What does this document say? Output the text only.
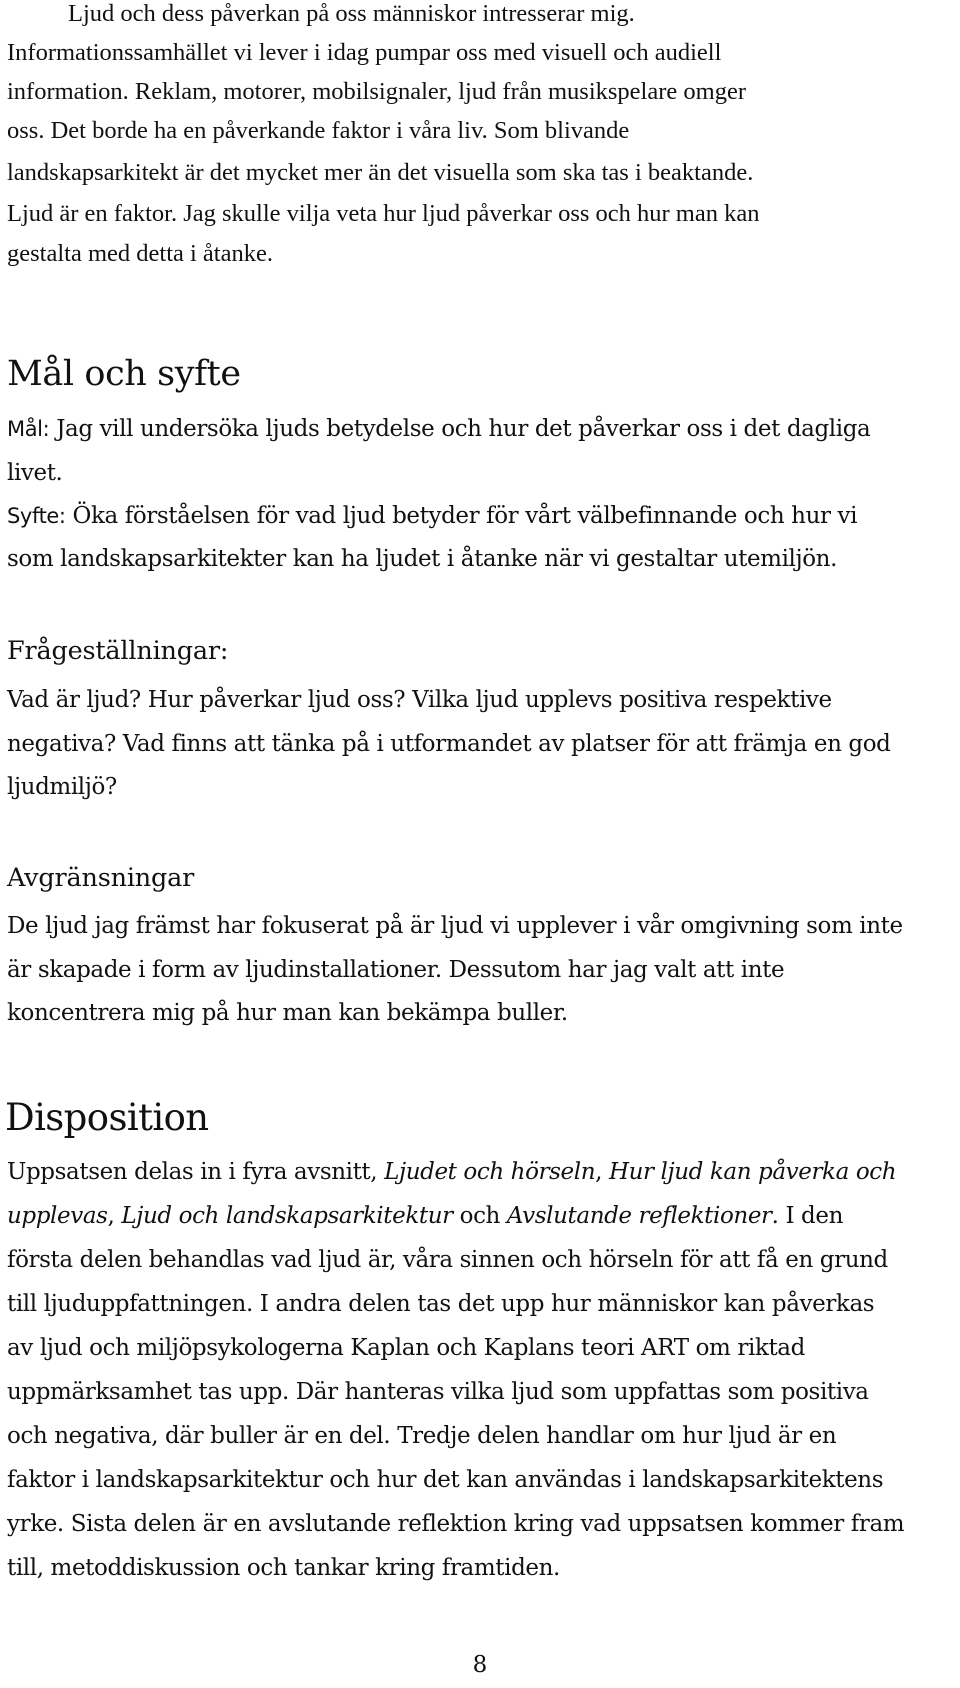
Ljud och dess påverkan på oss människor intresserar mig.
Informationssamhället vi lever i idag pumpar oss med visuell och audiell
information. Reklam, motorer, mobilsignaler, ljud från musikspelare omger
oss. Det borde ha en påverkande faktor i våra liv. Som blivande
landskapsarkitekt är det mycket mer än det visuella som ska tas i beaktande.
Ljud är en faktor. Jag skulle vilja veta hur ljud påverkar oss och hur man kan
gestalta med detta i åtanke.
Mål och syfte
Mål: Jag vill undersöka ljuds betydelse och hur det påverkar oss i det dagliga
livet.
Syfte: Öka förståelsen för vad ljud betyder för vårt välbefinnande och hur vi
som landskapsarkitekter kan ha ljudet i åtanke när vi gestaltar utemiljön.
Frågeställningar:
Vad är ljud? Hur påverkar ljud oss? Vilka ljud upplevs positiva respektive
negativa? Vad finns att tänka på i utformandet av platser för att främja en god
ljudmiljö?
Avgränsningar
De ljud jag främst har fokuserat på är ljud vi upplever i vår omgivning som inte
är skapade i form av ljudinstallationer. Dessutom har jag valt att inte
koncentrera mig på hur man kan bekämpa buller.
Disposition
Uppsatsen delas in i fyra avsnitt, Ljudet och hörseln, Hur ljud kan påverka och
upplevas, Ljud och landskapsarkitektur och Avslutande reflektioner. I den
första delen behandlas vad ljud är, våra sinnen och hörseln för att få en grund
till ljuduppfattningen. I andra delen tas det upp hur människor kan påverkas
av ljud och miljöpsykologerna Kaplan och Kaplans teori ART om riktad
uppmärksamhet tas upp. Där hanteras vilka ljud som uppfattas som positiva
och negativa, där buller är en del. Tredje delen handlar om hur ljud är en
faktor i landskapsarkitektur och hur det kan användas i landskapsarkitektens
yrke. Sista delen är en avslutande reflektion kring vad uppsatsen kommer fram
till, metoddiskussion och tankar kring framtiden.
8
